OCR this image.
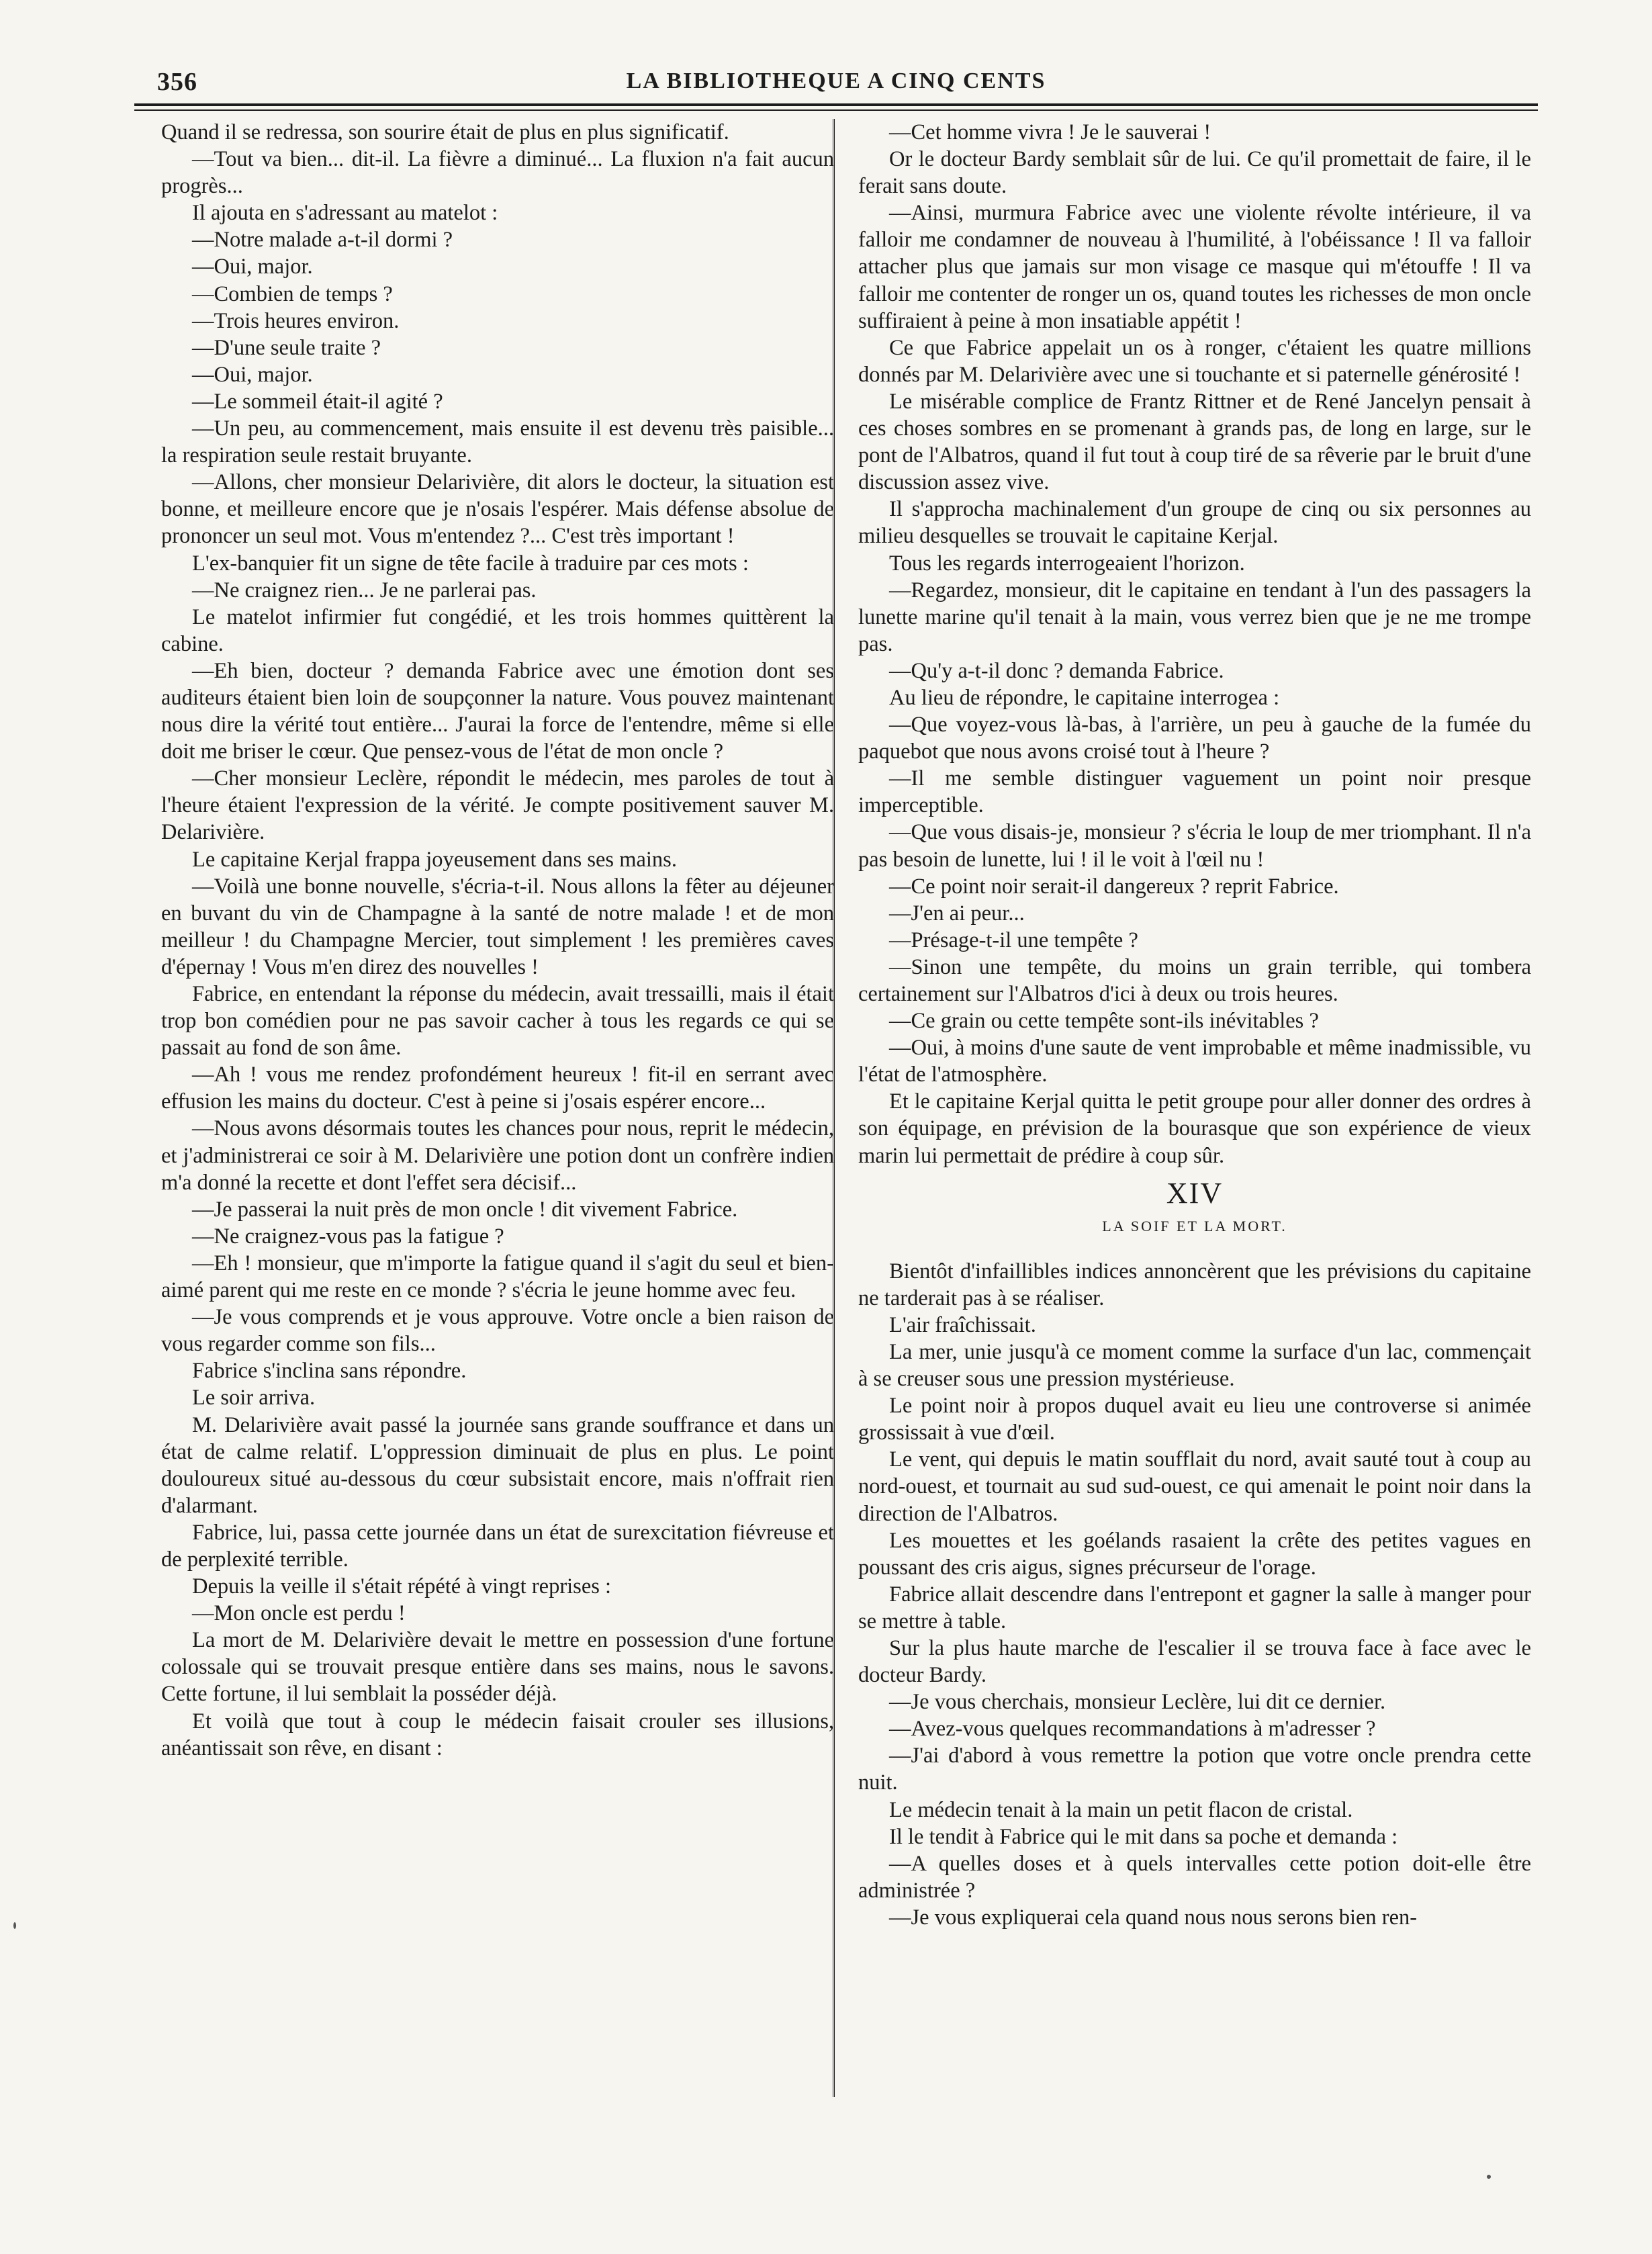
356	LA BIBLIOTHEQUE A CINQ CENTS

Quand il se redressa, son sourire était de plus en plus significatif.

—Tout va bien... dit-il. La fièvre a diminué... La fluxion n'a fait aucun progrès...

Il ajouta en s'adressant au matelot :

—Notre malade a-t-il dormi ?

—Oui, major.

—Combien de temps ?

—Trois heures environ.

—D'une seule traite ?

—Oui, major.

—Le sommeil était-il agité ?

—Un peu, au commencement, mais ensuite il est devenu très paisible... la respiration seule restait bruyante.

—Allons, cher monsieur Delarivière, dit alors le docteur, la situation est bonne, et meilleure encore que je n'osais l'espérer. Mais défense absolue de prononcer un seul mot. Vous m'entendez ?... C'est très important !

L'ex-banquier fit un signe de tête facile à traduire par ces mots :

—Ne craignez rien... Je ne parlerai pas.

Le matelot infirmier fut congédié, et les trois hommes quittèrent la cabine.

—Eh bien, docteur ? demanda Fabrice avec une émotion dont ses auditeurs étaient bien loin de soupçonner la nature. Vous pouvez maintenant nous dire la vérité tout entière... J'aurai la force de l'entendre, même si elle doit me briser le cœur. Que pensez-vous de l'état de mon oncle ?

—Cher monsieur Leclère, répondit le médecin, mes paroles de tout à l'heure étaient l'expression de la vérité. Je compte positivement sauver M. Delarivière.

Le capitaine Kerjal frappa joyeusement dans ses mains.

—Voilà une bonne nouvelle, s'écria-t-il. Nous allons la fêter au déjeuner en buvant du vin de Champagne à la santé de notre malade ! et de mon meilleur ! du Champagne Mercier, tout simplement ! les premières caves d'épernay ! Vous m'en direz des nouvelles !

Fabrice, en entendant la réponse du médecin, avait tressailli, mais il était trop bon comédien pour ne pas savoir cacher à tous les regards ce qui se passait au fond de son âme.

—Ah ! vous me rendez profondément heureux ! fit-il en serrant avec effusion les mains du docteur. C'est à peine si j'osais espérer encore...

—Nous avons désormais toutes les chances pour nous, reprit le médecin, et j'administrerai ce soir à M. Delarivière une potion dont un confrère indien m'a donné la recette et dont l'effet sera décisif...

—Je passerai la nuit près de mon oncle ! dit vivement Fabrice.

—Ne craignez-vous pas la fatigue ?

—Eh ! monsieur, que m'importe la fatigue quand il s'agit du seul et bien-aimé parent qui me reste en ce monde ? s'écria le jeune homme avec feu.

—Je vous comprends et je vous approuve. Votre oncle a bien raison de vous regarder comme son fils...

Fabrice s'inclina sans répondre.

Le soir arriva.

M. Delarivière avait passé la journée sans grande souffrance et dans un état de calme relatif. L'oppression diminuait de plus en plus. Le point douloureux situé au-dessous du cœur subsistait encore, mais n'offrait rien d'alarmant.

Fabrice, lui, passa cette journée dans un état de surexcitation fiévreuse et de perplexité terrible.

Depuis la veille il s'était répété à vingt reprises :

—Mon oncle est perdu !

La mort de M. Delarivière devait le mettre en possession d'une fortune colossale qui se trouvait presque entière dans ses mains, nous le savons. Cette fortune, il lui semblait la posséder déjà.

Et voilà que tout à coup le médecin faisait crouler ses illusions, anéantissait son rêve, en disant :

—Cet homme vivra ! Je le sauverai !

Or le docteur Bardy semblait sûr de lui. Ce qu'il promettait de faire, il le ferait sans doute.

—Ainsi, murmura Fabrice avec une violente révolte intérieure, il va falloir me condamner de nouveau à l'humilité, à l'obéissance ! Il va falloir attacher plus que jamais sur mon visage ce masque qui m'étouffe ! Il va falloir me contenter de ronger un os, quand toutes les richesses de mon oncle suffiraient à peine à mon insatiable appétit !

Ce que Fabrice appelait un os à ronger, c'étaient les quatre millions donnés par M. Delarivière avec une si touchante et si paternelle générosité !

Le misérable complice de Frantz Rittner et de René Jancelyn pensait à ces choses sombres en se promenant à grands pas, de long en large, sur le pont de l'Albatros, quand il fut tout à coup tiré de sa rêverie par le bruit d'une discussion assez vive.

Il s'approcha machinalement d'un groupe de cinq ou six personnes au milieu desquelles se trouvait le capitaine Kerjal.

Tous les regards interrogeaient l'horizon.

—Regardez, monsieur, dit le capitaine en tendant à l'un des passagers la lunette marine qu'il tenait à la main, vous verrez bien que je ne me trompe pas.

—Qu'y a-t-il donc ? demanda Fabrice.

Au lieu de répondre, le capitaine interrogea :

—Que voyez-vous là-bas, à l'arrière, un peu à gauche de la fumée du paquebot que nous avons croisé tout à l'heure ?

—Il me semble distinguer vaguement un point noir presque imperceptible.

—Que vous disais-je, monsieur ? s'écria le loup de mer triomphant. Il n'a pas besoin de lunette, lui ! il le voit à l'œil nu !

—Ce point noir serait-il dangereux ? reprit Fabrice.

—J'en ai peur...

—Présage-t-il une tempête ?

—Sinon une tempête, du moins un grain terrible, qui tombera certainement sur l'Albatros d'ici à deux ou trois heures.

—Ce grain ou cette tempête sont-ils inévitables ?

—Oui, à moins d'une saute de vent improbable et même inadmissible, vu l'état de l'atmosphère.

Et le capitaine Kerjal quitta le petit groupe pour aller donner des ordres à son équipage, en prévision de la bourasque que son expérience de vieux marin lui permettait de prédire à coup sûr.

XIV
LA SOIF ET LA MORT.

Bientôt d'infaillibles indices annoncèrent que les prévisions du capitaine ne tarderait pas à se réaliser.

L'air fraîchissait.

La mer, unie jusqu'à ce moment comme la surface d'un lac, commençait à se creuser sous une pression mystérieuse.

Le point noir à propos duquel avait eu lieu une controverse si animée grossissait à vue d'œil.

Le vent, qui depuis le matin soufflait du nord, avait sauté tout à coup au nord-ouest, et tournait au sud sud-ouest, ce qui amenait le point noir dans la direction de l'Albatros.

Les mouettes et les goélands rasaient la crête des petites vagues en poussant des cris aigus, signes précurseur de l'orage.

Fabrice allait descendre dans l'entrepont et gagner la salle à manger pour se mettre à table.

Sur la plus haute marche de l'escalier il se trouva face à face avec le docteur Bardy.

—Je vous cherchais, monsieur Leclère, lui dit ce dernier.

—Avez-vous quelques recommandations à m'adresser ?

—J'ai d'abord à vous remettre la potion que votre oncle prendra cette nuit.

Le médecin tenait à la main un petit flacon de cristal.

Il le tendit à Fabrice qui le mit dans sa poche et demanda :

—A quelles doses et à quels intervalles cette potion doit-elle être administrée ?

—Je vous expliquerai cela quand nous nous serons bien ren-
